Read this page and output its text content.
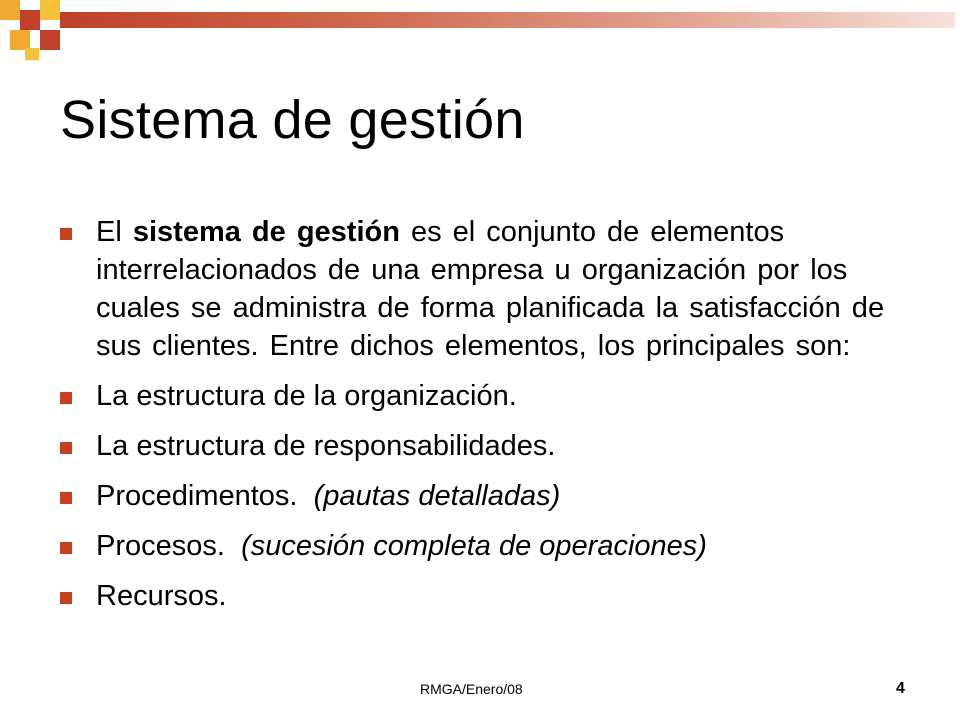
Sistema de gestión
El sistema de gestión es el conjunto de elementos interrelacionados de una empresa u organización por los cuales se administra de forma planificada la satisfacción de sus clientes. Entre dichos elementos, los principales son:
La estructura de la organización.
La estructura de responsabilidades.
Procedimentos.  (pautas detalladas)
Procesos.  (sucesión completa de operaciones)
Recursos.
RMGA/Enero/08	4
